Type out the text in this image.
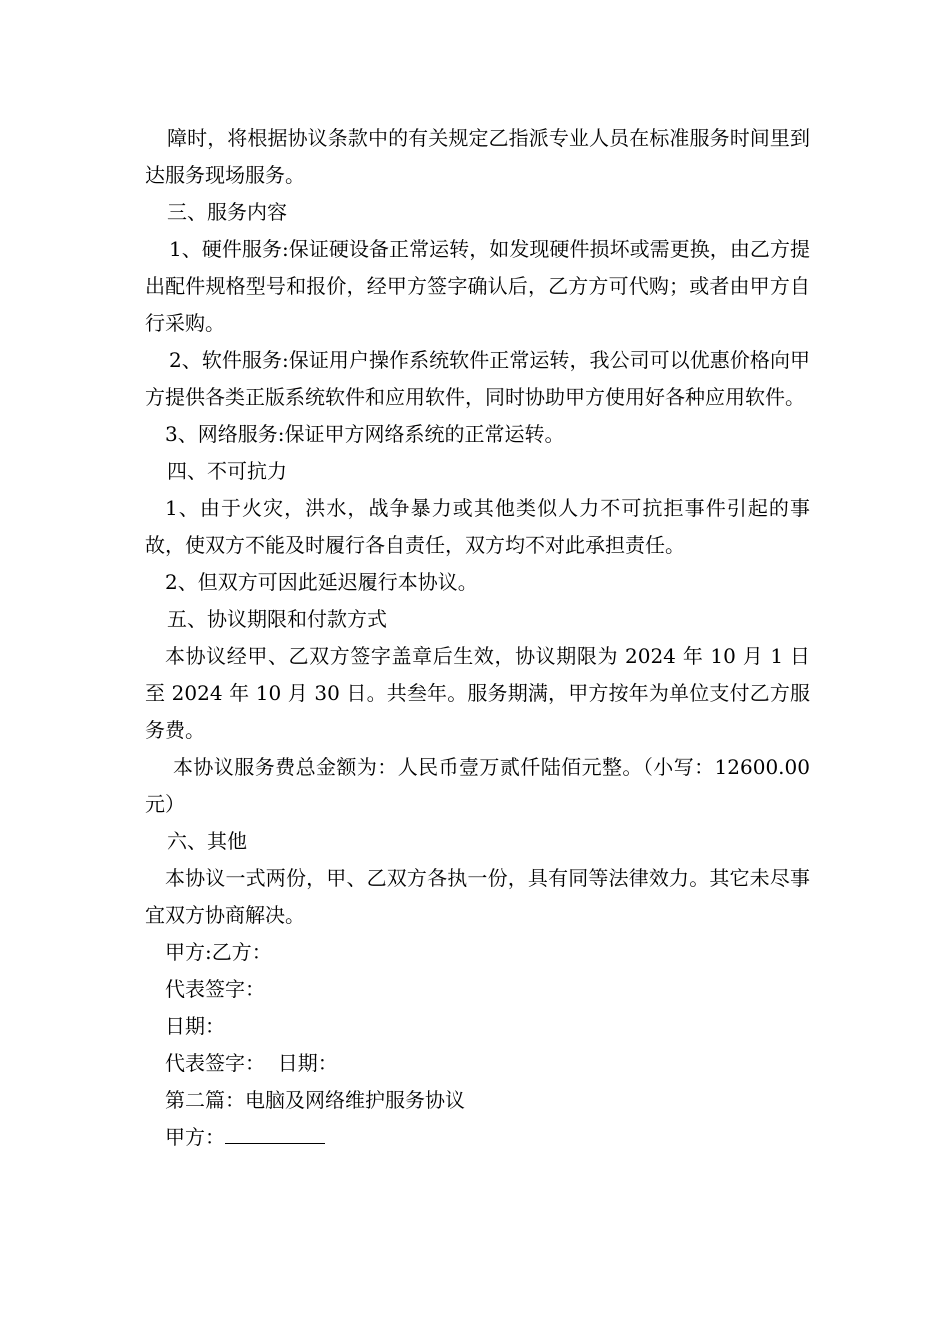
障时，将根据协议条款中的有关规定乙指派专业人员在标准服务时间里到达服务现场服务。

三、服务内容

1、硬件服务:保证硬设备正常运转，如发现硬件损坏或需更换，由乙方提出配件规格型号和报价，经甲方签字确认后，乙方方可代购；或者由甲方自行采购。

2、软件服务:保证用户操作系统软件正常运转，我公司可以优惠价格向甲方提供各类正版系统软件和应用软件，同时协助甲方使用好各种应用软件。

3、网络服务:保证甲方网络系统的正常运转。

四、不可抗力

1、由于火灾，洪水，战争暴力或其他类似人力不可抗拒事件引起的事故，使双方不能及时履行各自责任，双方均不对此承担责任。

2、但双方可因此延迟履行本协议。

五、协议期限和付款方式

本协议经甲、乙双方签字盖章后生效，协议期限为 2024 年 10 月 1 日至 2024 年 10 月 30 日。共叁年。服务期满，甲方按年为单位支付乙方服务费。

本协议服务费总金额为：人民币壹万贰仟陆佰元整。（小写：12600.00 元）

六、其他

本协议一式两份，甲、乙双方各执一份，具有同等法律效力。其它未尽事宜双方协商解决。

甲方:乙方：

代表签字：

日期：

代表签字：  日期：

第二篇：电脑及网络维护服务协议

甲方：
